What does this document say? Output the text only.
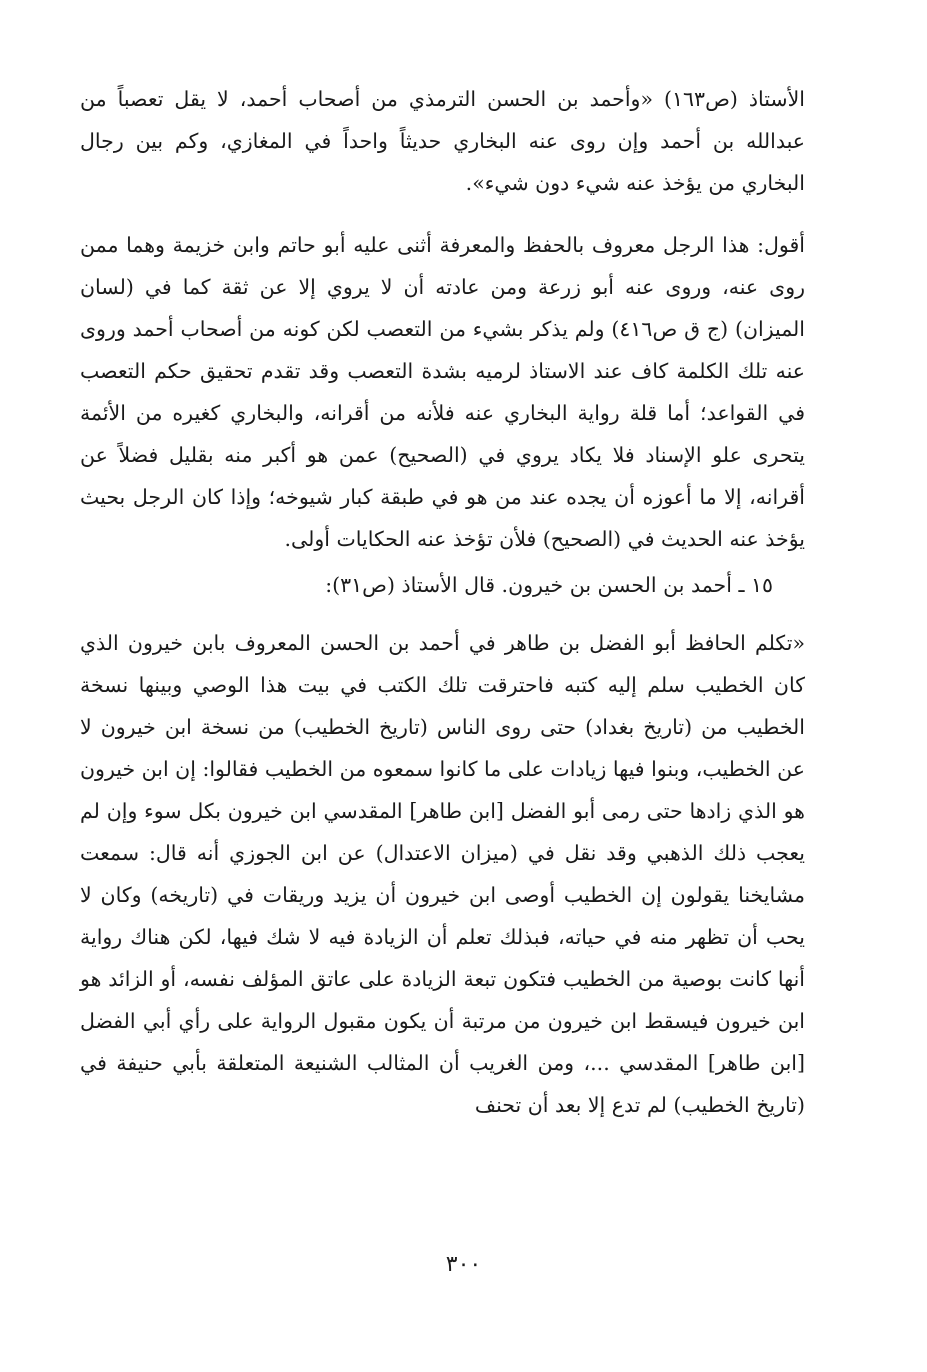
الأستاذ (ص١٦٣) «وأحمد بن الحسن الترمذي من أصحاب أحمد، لا يقل تعصباً من عبدالله بن أحمد وإن روى عنه البخاري حديثاً واحداً في المغازي، وكم بين رجال البخاري من يؤخذ عنه شيء دون شيء».

أقول: هذا الرجل معروف بالحفظ والمعرفة أثنى عليه أبو حاتم وابن خزيمة وهما ممن روى عنه، وروى عنه أبو زرعة ومن عادته أن لا يروي إلا عن ثقة كما في (لسان الميزان) (ج ق ص٤١٦) ولم يذكر بشيء من التعصب لكن كونه من أصحاب أحمد وروى عنه تلك الكلمة كاف عند الاستاذ لرميه بشدة التعصب وقد تقدم تحقيق حكم التعصب في القواعد؛ أما قلة رواية البخاري عنه فلأنه من أقرانه، والبخاري كغيره من الأئمة يتحرى علو الإسناد فلا يكاد يروي في (الصحيح) عمن هو أكبر منه بقليل فضلاً عن أقرانه، إلا ما أعوزه أن يجده عند من هو في طبقة كبار شيوخه؛ وإذا كان الرجل بحيث يؤخذ عنه الحديث في (الصحيح) فلأن تؤخذ عنه الحكايات أولى.

١٥ ـ أحمد بن الحسن بن خيرون. قال الأستاذ (ص٣١):

«تكلم الحافظ أبو الفضل بن طاهر في أحمد بن الحسن المعروف بابن خيرون الذي كان الخطيب سلم إليه كتبه فاحترقت تلك الكتب في بيت هذا الوصي وبينها نسخة الخطيب من (تاريخ بغداد) حتى روى الناس (تاريخ الخطيب) من نسخة ابن خيرون لا عن الخطيب، وبنوا فيها زيادات على ما كانوا سمعوه من الخطيب فقالوا: إن ابن خيرون هو الذي زادها حتى رمى أبو الفضل [ابن طاهر] المقدسي ابن خيرون بكل سوء وإن لم يعجب ذلك الذهبي وقد نقل في (ميزان الاعتدال) عن ابن الجوزي أنه قال: سمعت مشايخنا يقولون إن الخطيب أوصى ابن خيرون أن يزيد وريقات في (تاريخه) وكان لا يحب أن تظهر منه في حياته، فبذلك تعلم أن الزيادة فيه لا شك فيها، لكن هناك رواية أنها كانت بوصية من الخطيب فتكون تبعة الزيادة على عاتق المؤلف نفسه، أو الزائد هو ابن خيرون فيسقط ابن خيرون من مرتبة أن يكون مقبول الرواية على رأي أبي الفضل [ابن طاهر] المقدسي ...، ومن الغريب أن المثالب الشنيعة المتعلقة بأبي حنيفة في (تاريخ الخطيب) لم تدع إلا بعد أن تحنف

٣٠٠
